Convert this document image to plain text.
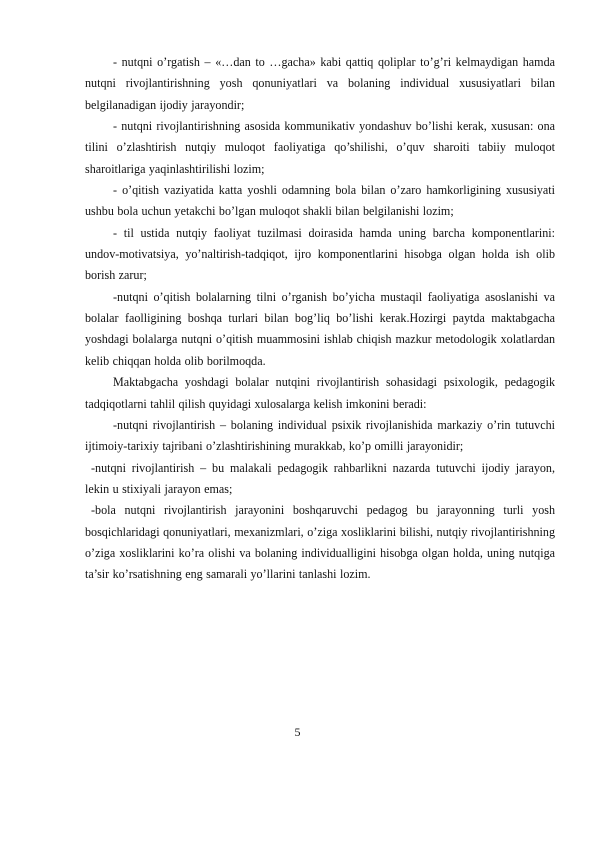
- nutqni o’rgatish – «…dan to …gacha» kabi qattiq qoliplar to’g’ri kelmaydigan hamda nutqni rivojlantirishning yosh qonuniyatlari va bolaning individual xususiyatlari bilan belgilanadigan ijodiy jarayondir;

- nutqni rivojlantirishning asosida kommunikativ yondashuv bo’lishi kerak, xususan: ona tilini o’zlashtirish nutqiy muloqot faoliyatiga qo’shilishi, o’quv sharoiti tabiiy muloqot sharoitlariga yaqinlashtirilishi lozim;

- o’qitish vaziyatida katta yoshli odamning bola bilan o’zaro hamkorligining xususiyati ushbu bola uchun yetakchi bo’lgan muloqot shakli bilan belgilanishi lozim;

- til ustida nutqiy faoliyat tuzilmasi doirasida hamda uning barcha komponentlarini: undov-motivatsiya, yo’naltirish-tadqiqot, ijro komponentlarini hisobga olgan holda ish olib borish zarur;

-nutqni o’qitish bolalarning tilni o’rganish bo’yicha mustaqil faoliyatiga asoslanishi va bolalar faolligining boshqa turlari bilan bog’liq bo’lishi kerak.Hozirgi paytda maktabgacha yoshdagi bolalarga nutqni o’qitish muammosini ishlab chiqish mazkur metodologik xolatlardan kelib chiqqan holda olib borilmoqda.

Maktabgacha yoshdagi bolalar nutqini rivojlantirish sohasidagi psixologik, pedagogik tadqiqotlarni tahlil qilish quyidagi xulosalarga kelish imkonini beradi:

-nutqni rivojlantirish – bolaning individual psixik rivojlanishida markaziy o’rin tutuvchi ijtimoiy-tarixiy tajribani o’zlashtirishining murakkab, ko’p omilli jarayonidir;

-nutqni rivojlantirish – bu malakali pedagogik rahbarlikni nazarda tutuvchi ijodiy jarayon, lekin u stixiyali jarayon emas;

-bola nutqni rivojlantirish jarayonini boshqaruvchi pedagog bu jarayonning turli yosh bosqichlaridagi qonuniyatlari, mexanizmlari, o’ziga xosliklarini bilishi, nutqiy rivojlantirishning o’ziga xosliklarini ko’ra olishi va bolaning individualligini hisobga olgan holda, uning nutqiga ta’sir ko’rsatishning eng samarali yo’llarini tanlashi lozim.

5
